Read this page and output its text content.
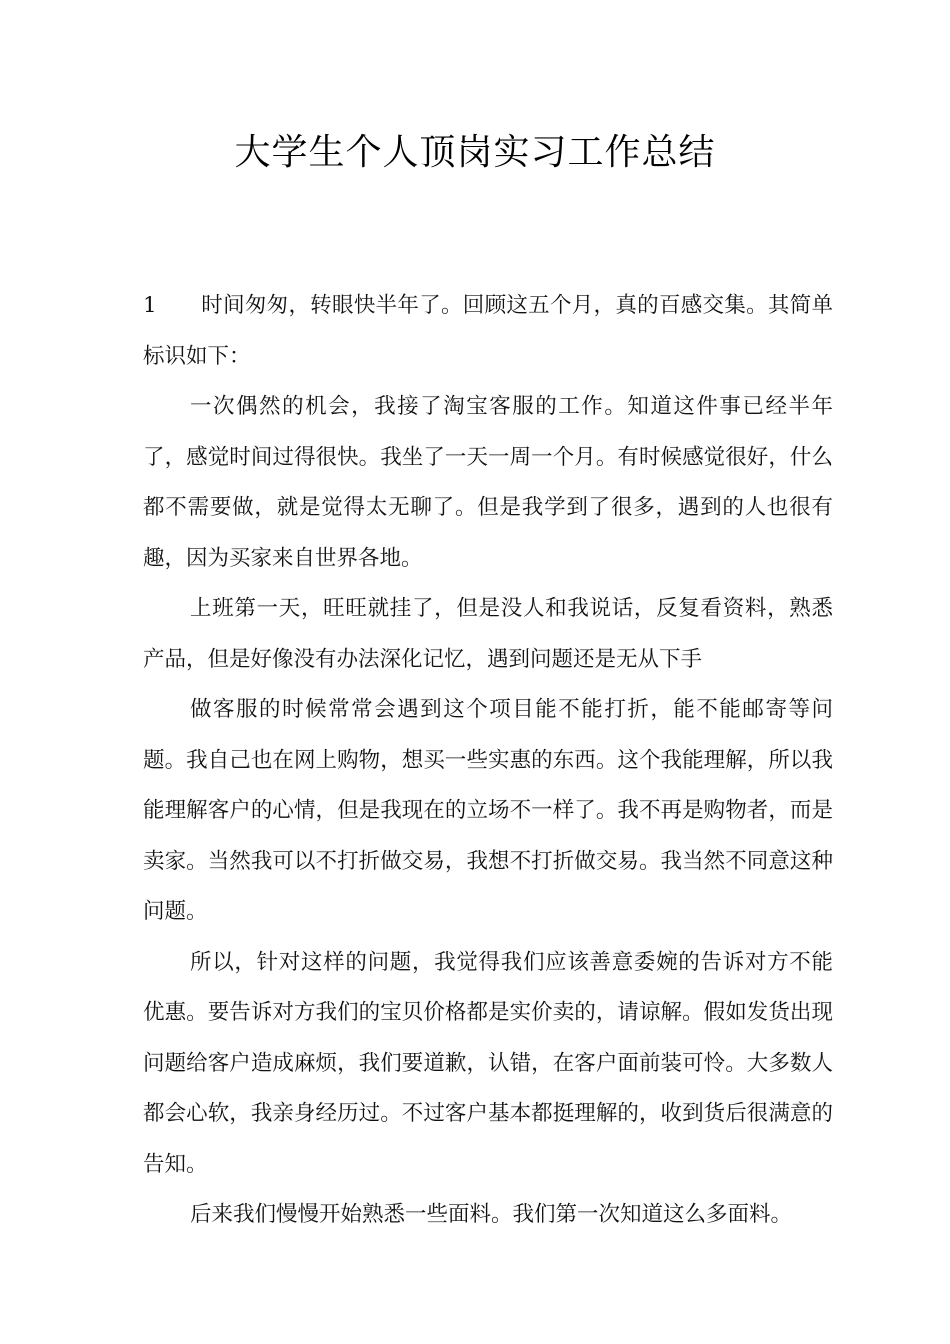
大学生个人顶岗实习工作总结

1 时间匆匆，转眼快半年了。回顾这五个月，真的百感交集。其简单标识如下：

一次偶然的机会，我接了淘宝客服的工作。知道这件事已经半年了，感觉时间过得很快。我坐了一天一周一个月。有时候感觉很好，什么都不需要做，就是觉得太无聊了。但是我学到了很多，遇到的人也很有趣，因为买家来自世界各地。

上班第一天，旺旺就挂了，但是没人和我说话，反复看资料，熟悉产品，但是好像没有办法深化记忆，遇到问题还是无从下手

做客服的时候常常会遇到这个项目能不能打折，能不能邮寄等问题。我自己也在网上购物，想买一些实惠的东西。这个我能理解，所以我能理解客户的心情，但是我现在的立场不一样了。我不再是购物者，而是卖家。当然我可以不打折做交易，我想不打折做交易。我当然不同意这种问题。

所以，针对这样的问题，我觉得我们应该善意委婉的告诉对方不能优惠。要告诉对方我们的宝贝价格都是实价卖的，请谅解。假如发货出现问题给客户造成麻烦，我们要道歉，认错，在客户面前装可怜。大多数人都会心软，我亲身经历过。不过客户基本都挺理解的，收到货后很满意的告知。

后来我们慢慢开始熟悉一些面料。我们第一次知道这么多面料。
